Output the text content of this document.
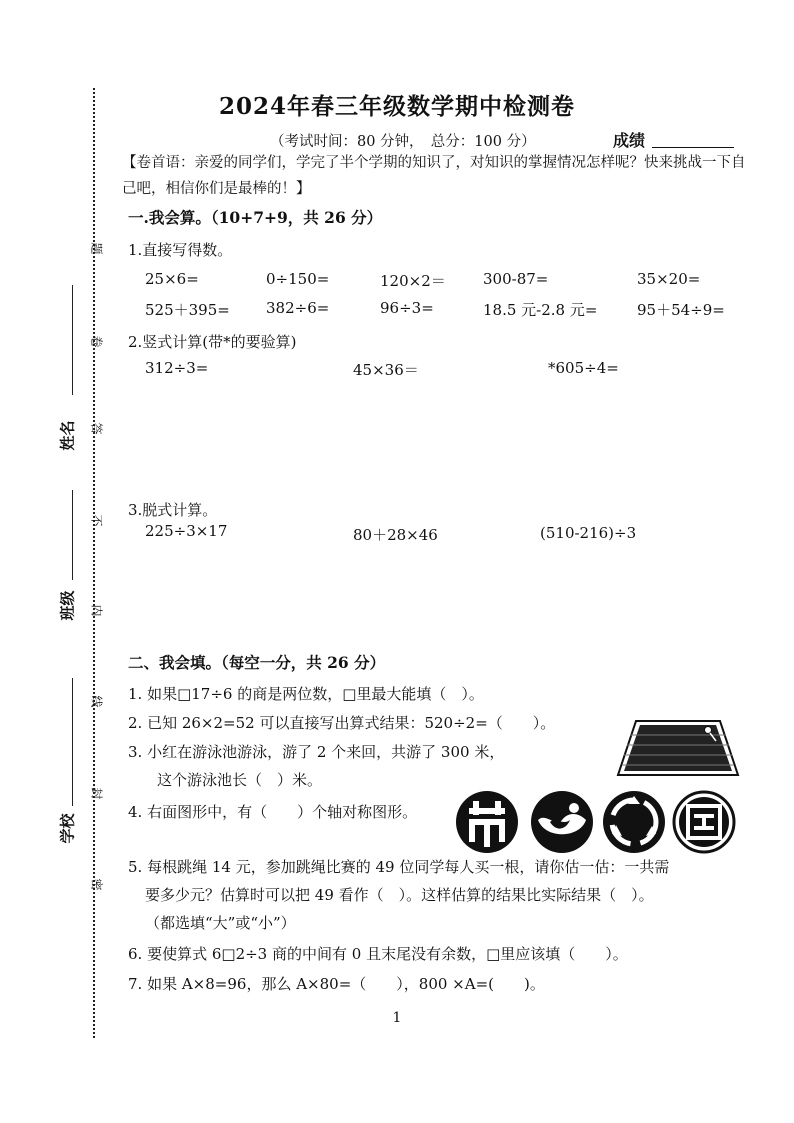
题
卷
答
不
内
线
封
密
姓名
班级
学校
2024年春三年级数学期中检测卷
（考试时间：80 分钟，　总分：100 分）	成绩
【卷首语：亲爱的同学们，学完了半个学期的知识了，对知识的掌握情况怎样呢？快来挑战一下自己吧，相信你们是最棒的！】
一.我会算。（10+7+9，共 26 分）
1.直接写得数。
25×6=	0÷150=	120×2＝ 300-87=	35×20=
525＋395= 382÷6=	96÷3=	18.5 元-2.8 元=	95＋54÷9=
2.竖式计算(带*的要验算)
312÷3=	45×36＝	*605÷4=
3.脱式计算。
225÷3×17	80＋28×46	(510-216)÷3
二、我会填。（每空一分，共 26 分）
1. 如果□17÷6 的商是两位数，□里最大能填（　）。
2. 已知 26×2=52 可以直接写出算式结果：520÷2=（　　）。
3. 小红在游泳池游泳，游了 2 个来回，共游了 300 米，
这个游泳池长（　）米。
4. 右面图形中，有（　　）个轴对称图形。
5. 每根跳绳 14 元，参加跳绳比赛的 49 位同学每人买一根，请你估一估：一共需
要多少元？估算时可以把 49 看作（　）。这样估算的结果比实际结果（　）。
（都选填“大”或“小”）
6. 要使算式 6□2÷3 商的中间有 0 且末尾没有余数，□里应该填（　　）。
7. 如果 A×8=96，那么 A×80=（　　），800 ×A=(　　)。
1
